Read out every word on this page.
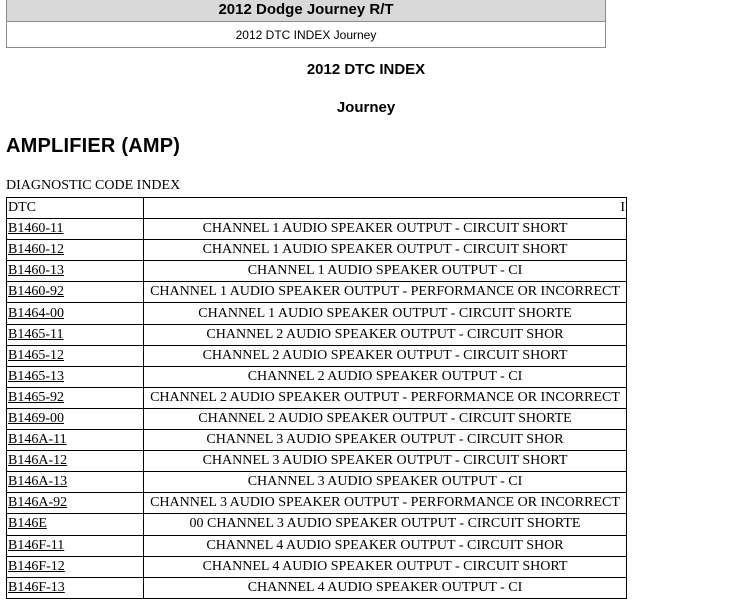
2012 Dodge Journey R/T
2012 DTC INDEX Journey
2012 DTC INDEX
Journey
AMPLIFIER (AMP)
DIAGNOSTIC CODE INDEX
DTC	I
B1460-11	CHANNEL 1 AUDIO SPEAKER OUTPUT - CIRCUIT SHORT
B1460-12	CHANNEL 1 AUDIO SPEAKER OUTPUT - CIRCUIT SHORT
B1460-13	CHANNEL 1 AUDIO SPEAKER OUTPUT - CI
B1460-92	CHANNEL 1 AUDIO SPEAKER OUTPUT - PERFORMANCE OR INCORRECT
B1464-00	CHANNEL 1 AUDIO SPEAKER OUTPUT - CIRCUIT SHORTE
B1465-11	CHANNEL 2 AUDIO SPEAKER OUTPUT - CIRCUIT SHOR
B1465-12	CHANNEL 2 AUDIO SPEAKER OUTPUT - CIRCUIT SHORT
B1465-13	CHANNEL 2 AUDIO SPEAKER OUTPUT - CI
B1465-92	CHANNEL 2 AUDIO SPEAKER OUTPUT - PERFORMANCE OR INCORRECT
B1469-00	CHANNEL 2 AUDIO SPEAKER OUTPUT - CIRCUIT SHORTE
B146A-11	CHANNEL 3 AUDIO SPEAKER OUTPUT - CIRCUIT SHOR
B146A-12	CHANNEL 3 AUDIO SPEAKER OUTPUT - CIRCUIT SHORT
B146A-13	CHANNEL 3 AUDIO SPEAKER OUTPUT - CI
B146A-92	CHANNEL 3 AUDIO SPEAKER OUTPUT - PERFORMANCE OR INCORRECT
B146E	00 CHANNEL 3 AUDIO SPEAKER OUTPUT - CIRCUIT SHORTE
B146F-11	CHANNEL 4 AUDIO SPEAKER OUTPUT - CIRCUIT SHOR
B146F-12	CHANNEL 4 AUDIO SPEAKER OUTPUT - CIRCUIT SHORT
B146F-13	CHANNEL 4 AUDIO SPEAKER OUTPUT - CI
